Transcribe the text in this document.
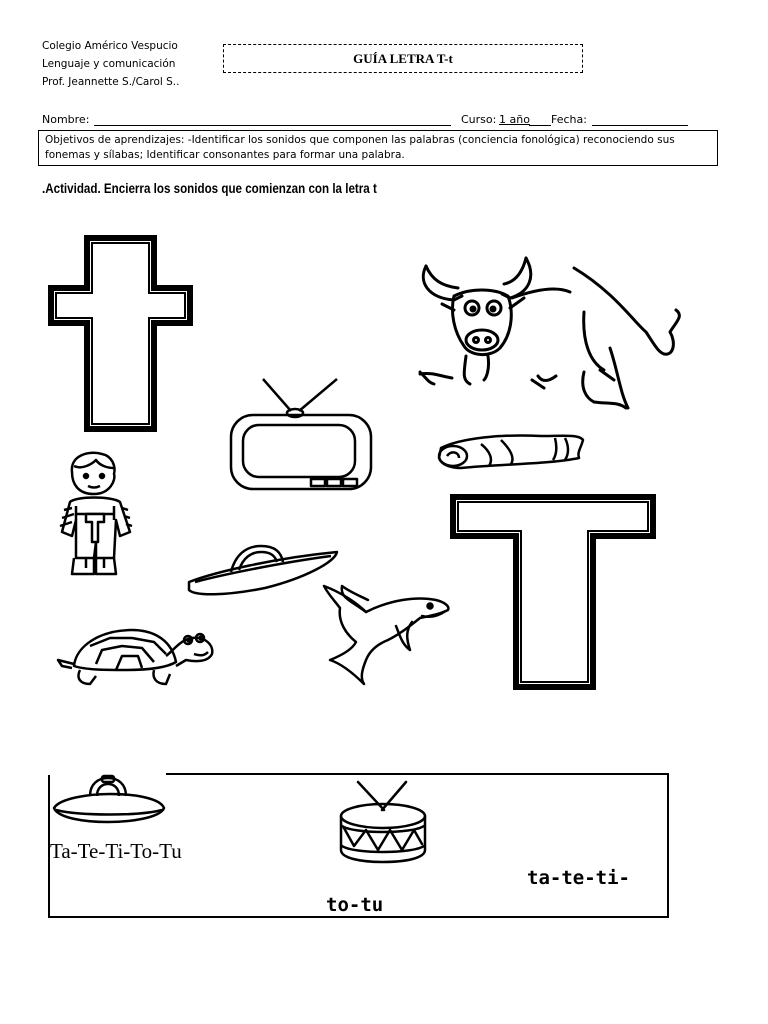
Colegio Américo Vespucio
Lenguaje y comunicación
Prof. Jeannette S./Carol S..
GUÍA LETRA T-t
Nombre:	Curso: 1 año Fecha:
Objetivos de aprendizajes: -Identificar los sonidos que componen las palabras (conciencia fonológica) reconociendo sus fonemas y sílabas; Identificar consonantes para formar una palabra.
.Actividad. Encierra los sonidos que comienzan con la letra t
Ta-Te-Ti-To-Tu
ta-te-ti-
to-tu
